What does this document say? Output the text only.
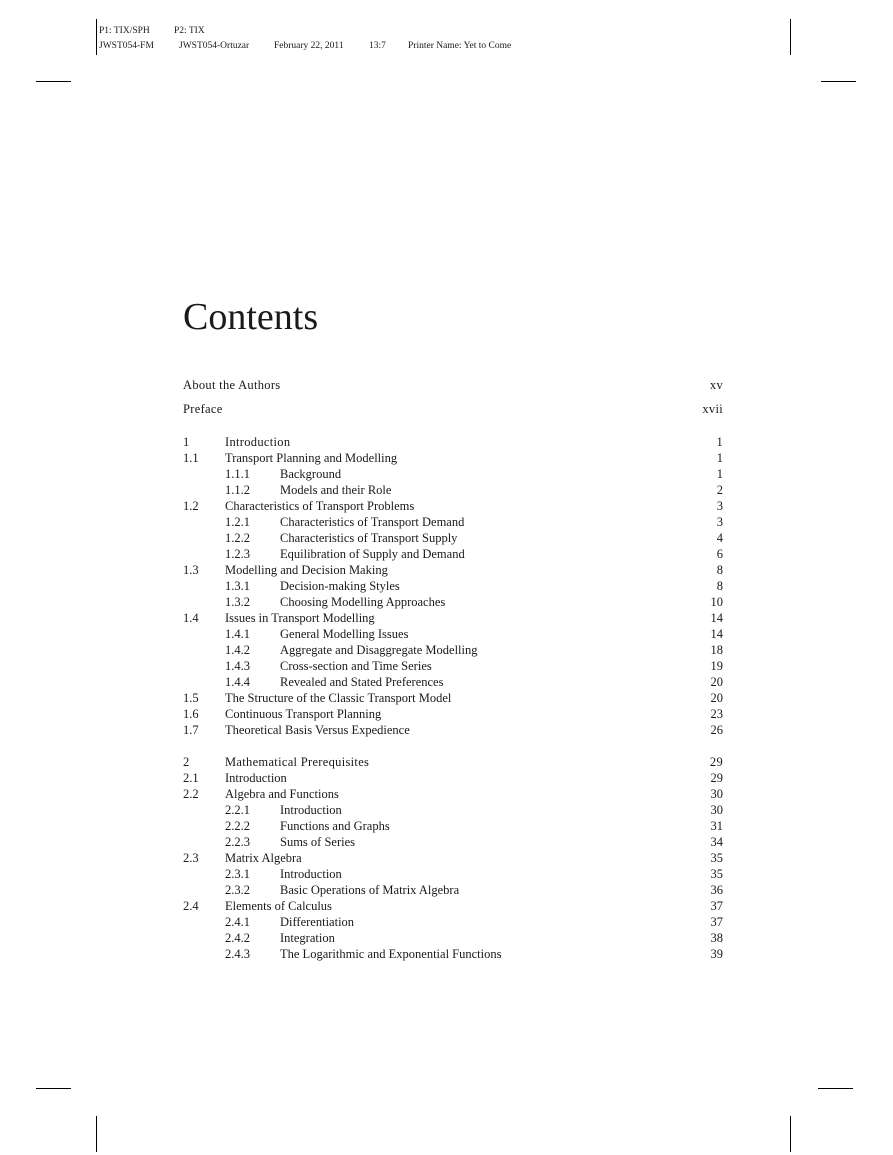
P1: TIX/SPH	P2: TIX
JWST054-FM	JWST054-Ortuzar	February 22, 2011	13:7 Printer Name: Yet to Come
Contents
About the Authors	xv
Preface	xvii
1	Introduction	1
1.1 Transport Planning and Modelling	1
1.1.1 Background	1
1.1.2 Models and their Role	2
1.2 Characteristics of Transport Problems	3
1.2.1 Characteristics of Transport Demand	3
1.2.2 Characteristics of Transport Supply	4
1.2.3 Equilibration of Supply and Demand	6
1.3 Modelling and Decision Making	8
1.3.1 Decision-making Styles	8
1.3.2 Choosing Modelling Approaches	10
1.4 Issues in Transport Modelling	14
1.4.1 General Modelling Issues	14
1.4.2 Aggregate and Disaggregate Modelling	18
1.4.3 Cross-section and Time Series	19
1.4.4 Revealed and Stated Preferences	20
1.5 The Structure of the Classic Transport Model	20
1.6 Continuous Transport Planning	23
1.7 Theoretical Basis Versus Expedience	26
2	Mathematical Prerequisites	29
2.1 Introduction	29
2.2 Algebra and Functions	30
2.2.1 Introduction	30
2.2.2 Functions and Graphs	31
2.2.3 Sums of Series	34
2.3 Matrix Algebra	35
2.3.1 Introduction	35
2.3.2 Basic Operations of Matrix Algebra	36
2.4 Elements of Calculus	37
2.4.1 Differentiation	37
2.4.2 Integration	38
2.4.3 The Logarithmic and Exponential Functions	39
